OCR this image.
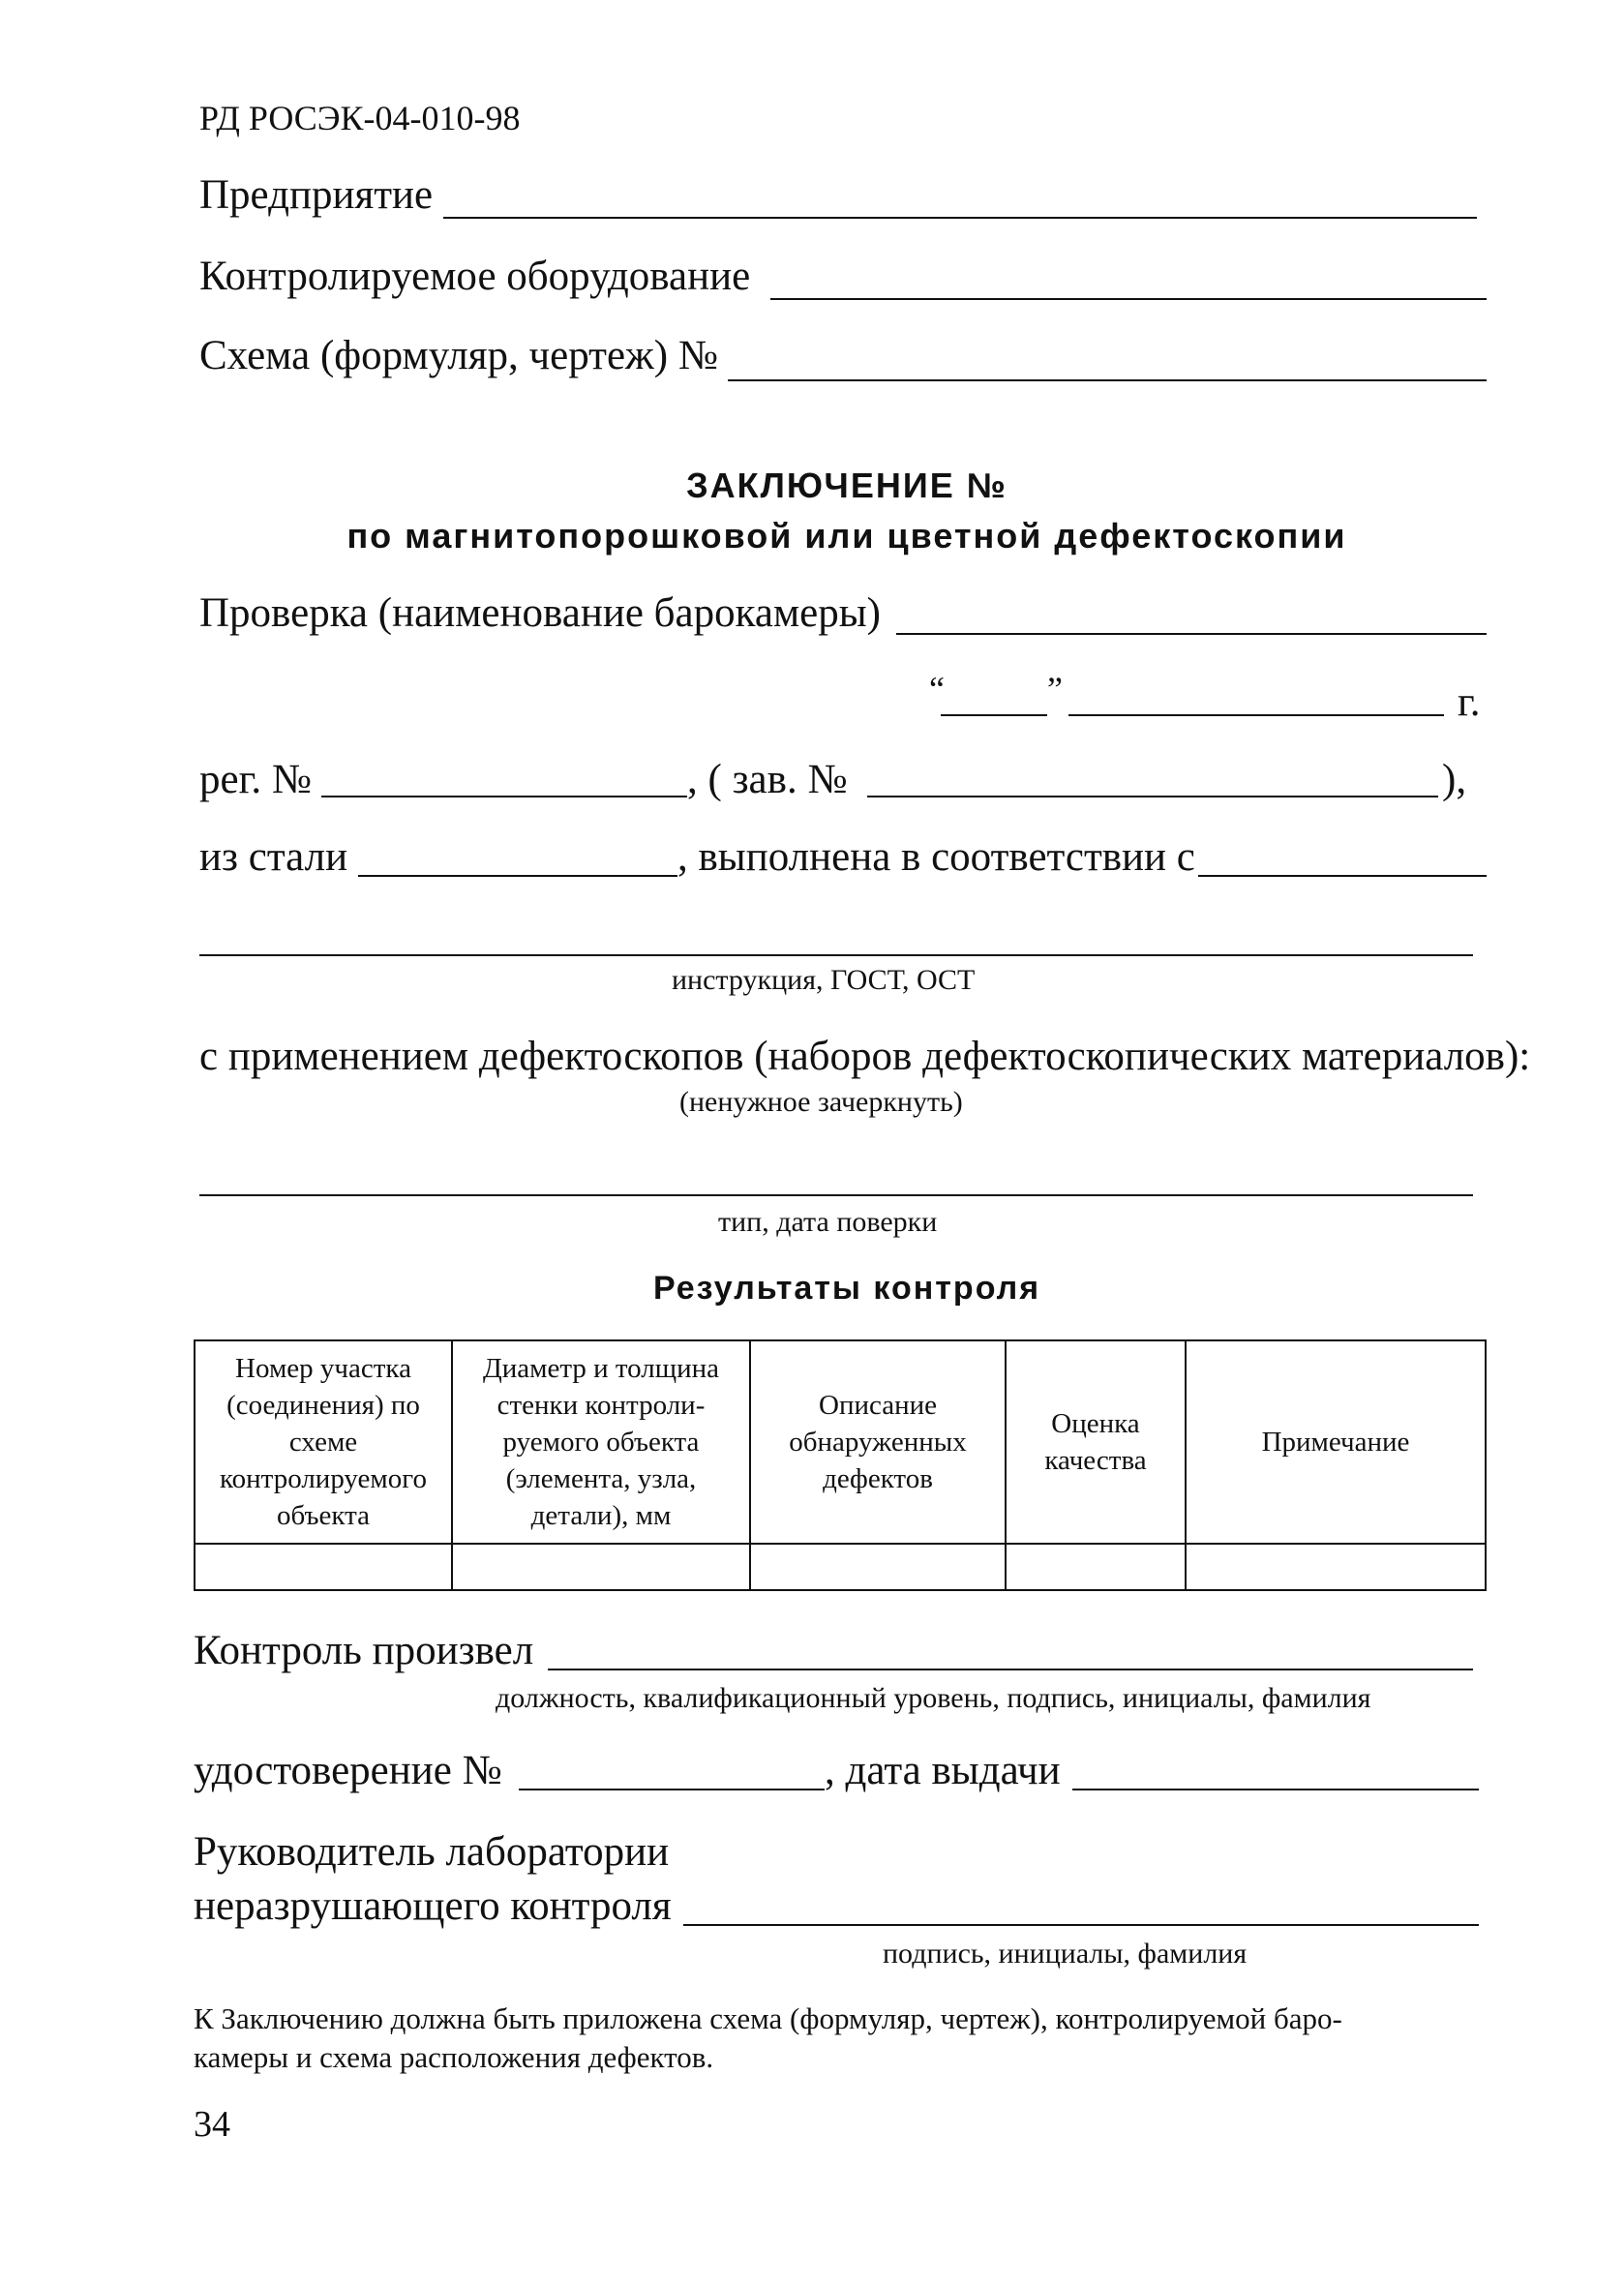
РД РОСЭК-04-010-98
Предприятие
Контролируемое оборудование
Схема (формуляр, чертеж) №
ЗАКЛЮЧЕНИЕ №
по магнитопорошковой или цветной дефектоскопии
Проверка (наименование барокамеры)
“	”	г.
рег. №	, ( зав. №	),
из стали	, выполнена в соответствии с
инструкция, ГОСТ, ОСТ
с применением дефектоскопов (наборов дефектоскопических материалов):
(ненужное зачеркнуть)
тип, дата поверки
Результаты контроля
Номер участка (соединения) по схеме контролируемого объекта	Диаметр и толщина стенки контроли-руемого объекта (элемента, узла, детали), мм	Описание обнаруженных дефектов	Оценка качества	Примечание

Контроль произвел
должность, квалификационный уровень, подпись, инициалы, фамилия
удостоверение №	, дата выдачи
Руководитель лаборатории
неразрушающего контроля
подпись, инициалы, фамилия
К Заключению должна быть приложена схема (формуляр, чертеж), контролируемой баро-
камеры и схема расположения дефектов.
34
